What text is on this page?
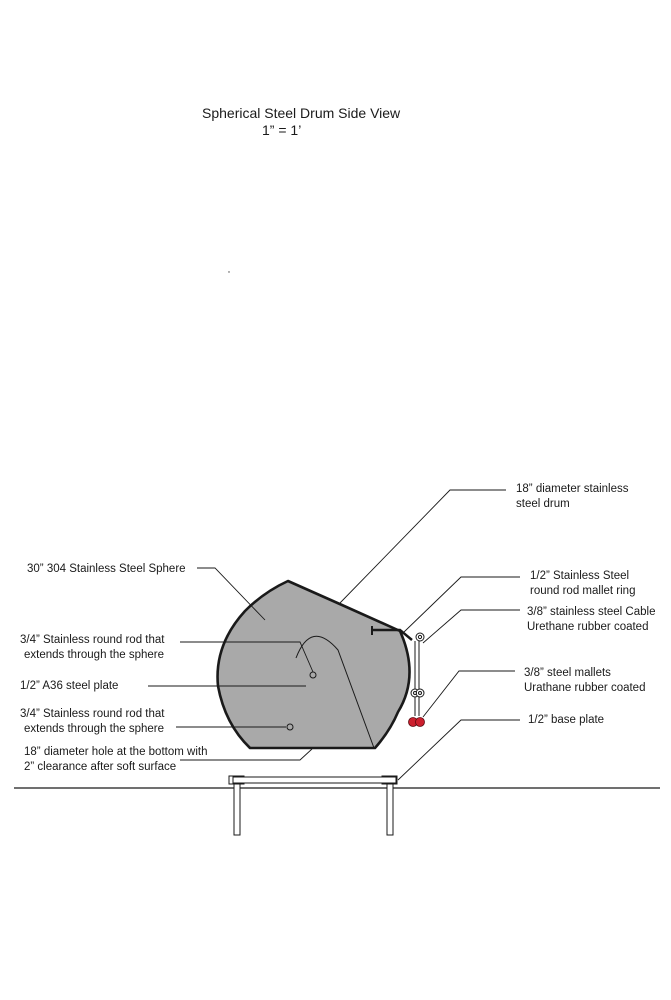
Spherical Steel Drum Side View
1” = 1’
30” 304 Stainless Steel Sphere
3/4” Stainless round rod that
extends through the sphere
1/2” A36 steel plate
3/4” Stainless round rod that
extends through the sphere
18” diameter hole at the bottom with
2” clearance after soft surface
18” diameter stainless
steel drum
1/2” Stainless Steel
round rod mallet ring
3/8” stainless steel Cable
Urethane rubber coated
3/8” steel mallets
Urathane rubber coated
1/2” base plate
